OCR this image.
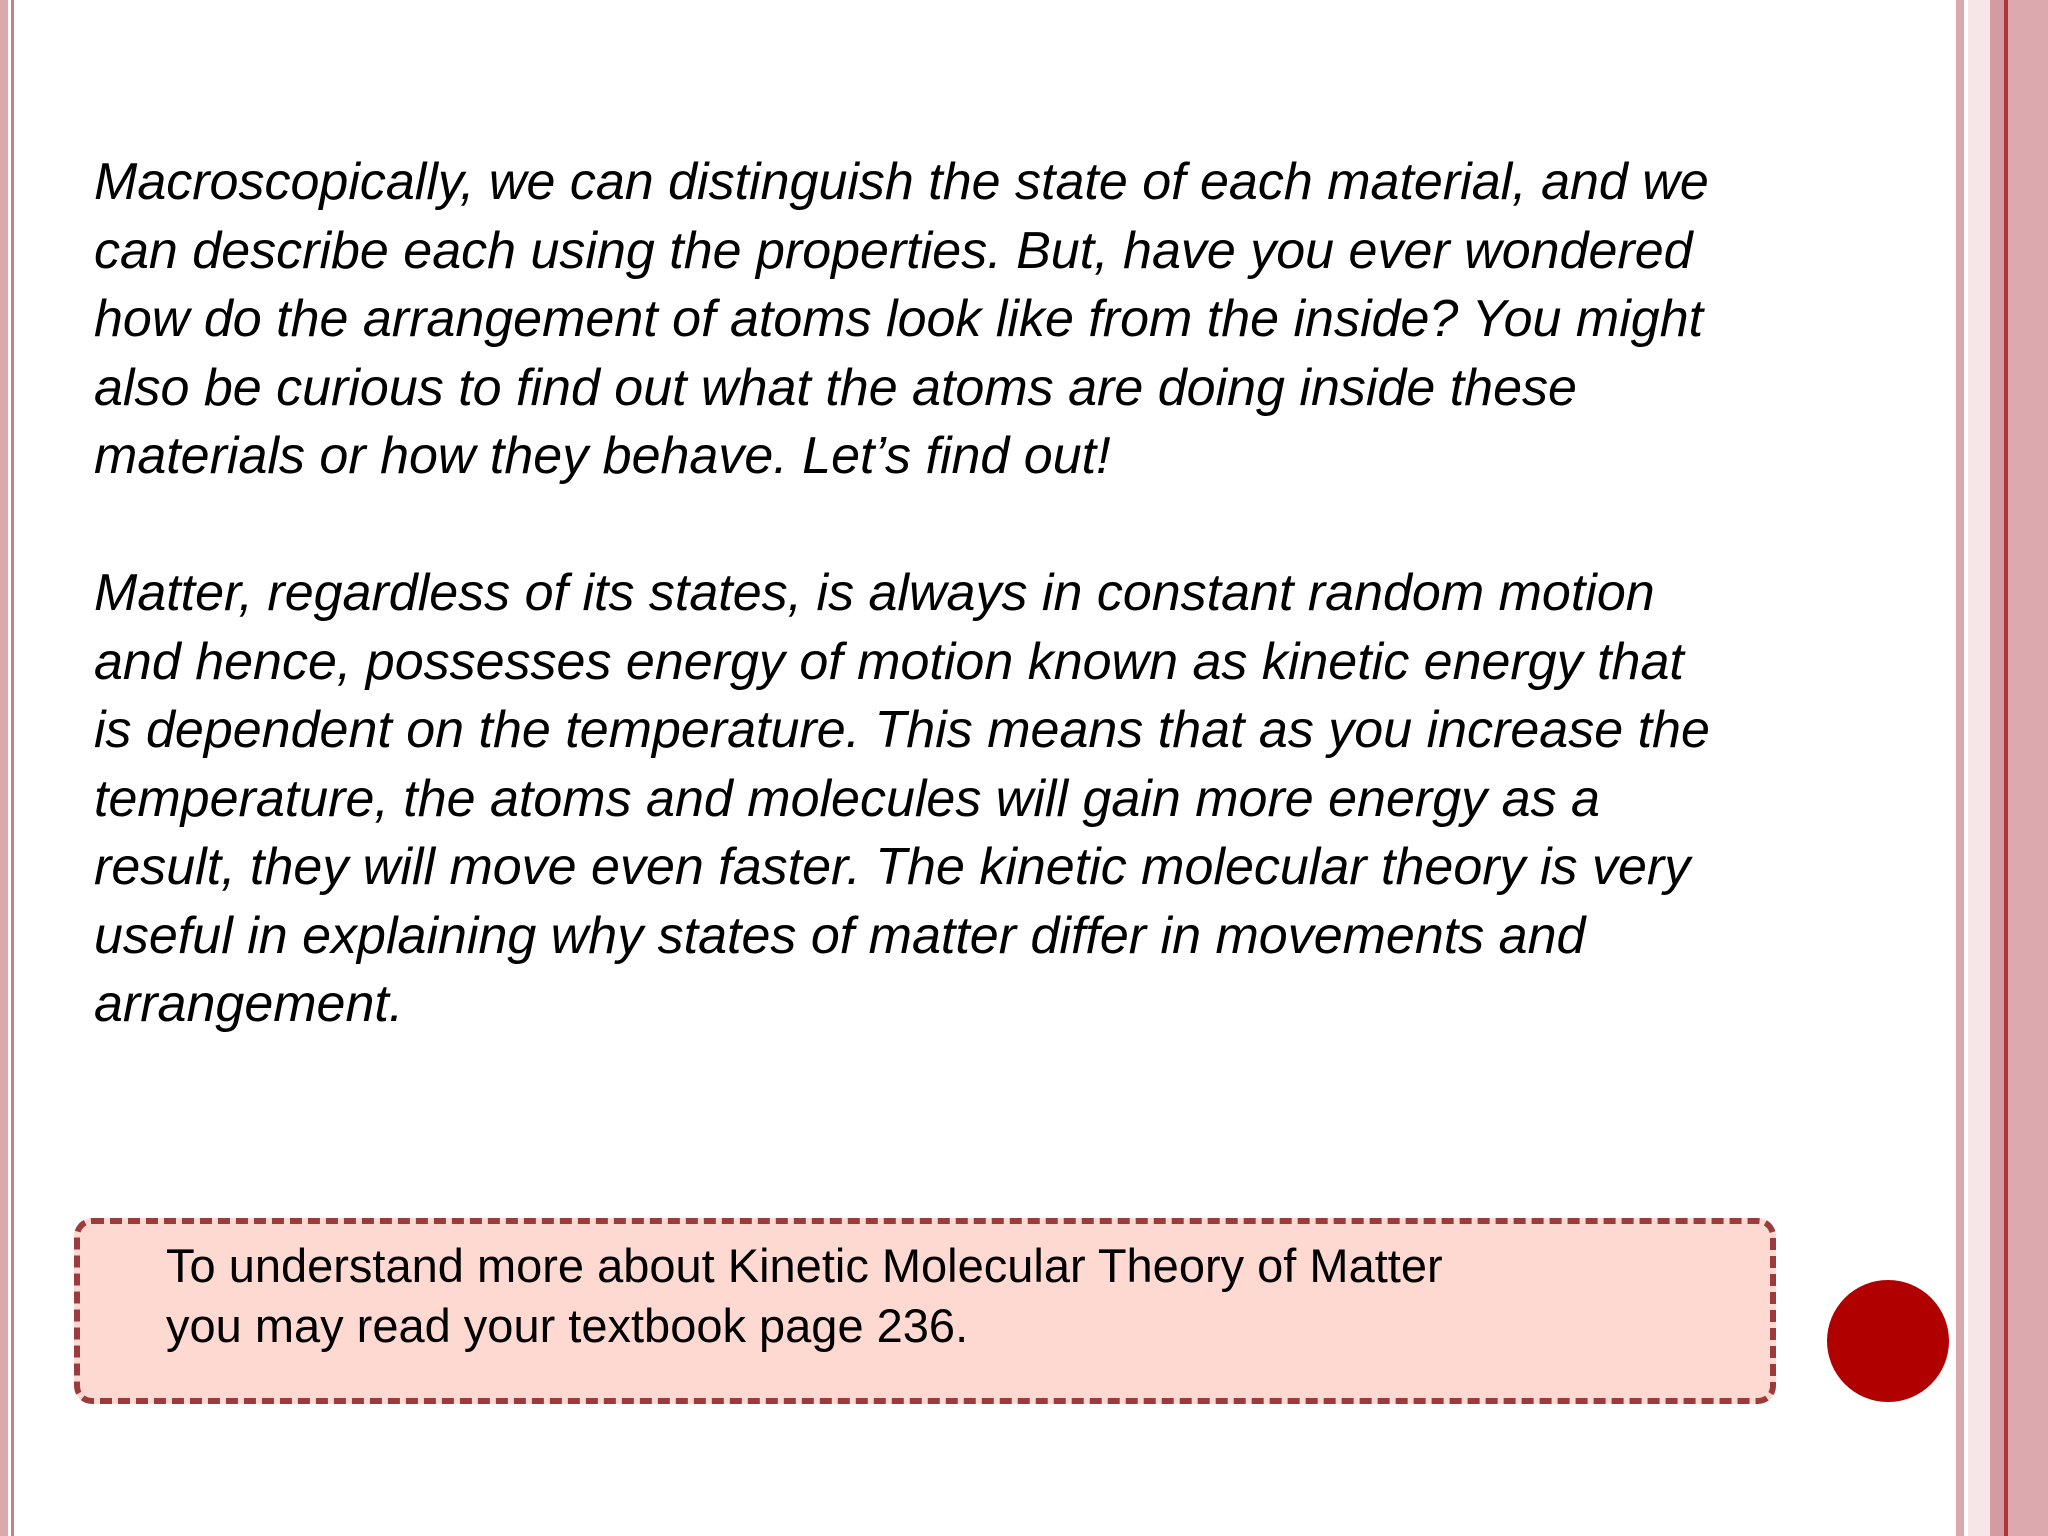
Macroscopically, we can distinguish the state of each material, and we
can describe each using the properties. But, have you ever wondered
how do the arrangement of atoms look like from the inside? You might
also be curious to find out what the atoms are doing inside these
materials or how they behave. Let’s find out!

Matter, regardless of its states, is always in constant random motion
and hence, possesses energy of motion known as kinetic energy that
is dependent on the temperature. This means that as you increase the
temperature, the atoms and molecules will gain more energy as a
result, they will move even faster. The kinetic molecular theory is very
useful in explaining why states of matter differ in movements and
arrangement.

To understand more about Kinetic Molecular Theory of Matter
you may read your textbook page 236.
